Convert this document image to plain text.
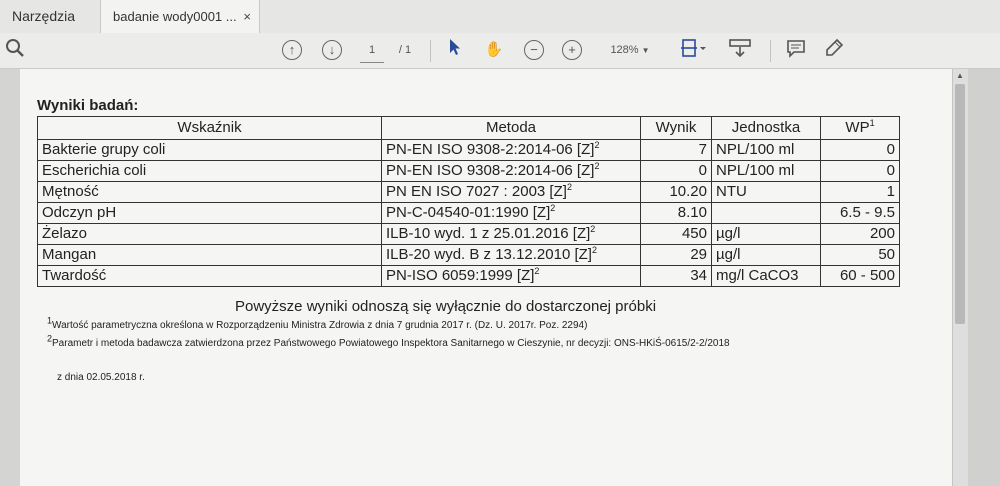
Narzędzia	badanie wody0001 ... ×
↑	↓	1	/ 1	✋	−	+	128% ▼
Wyniki badań:
Wskaźnik	Metoda	Wynik	Jednostka	$WP^1$
Bakterie grupy coli	PN-EN ISO 9308-2:2014-06 $[Z]^2$	7	NPL/100 ml	0
Escherichia coli	PN-EN ISO 9308-2:2014-06 $[Z]^2$	0	NPL/100 ml	0
Mętność	PN EN ISO 7027 : 2003 $[Z]^2$	10.20	NTU	1
Odczyn pH	PN-C-04540-01:1990 $[Z]^2$	8.10		6.5 - 9.5
Żelazo	ILB-10 wyd. 1 z 25.01.2016 $[Z]^2$	450	µg/l	200
Mangan	ILB-20 wyd. B z 13.12.2010 $[Z]^2$	29	µg/l	50
Twardość	PN-ISO 6059:1999 $[Z]^2$	34	mg/l CaCO3	60 - 500
Powyższe wyniki odnoszą się wyłącznie do dostarczonej próbki
$^1$Wartość parametryczna określona w Rozporządzeniu Ministra Zdrowia z dnia 7 grudnia 2017 r. (Dz. U. 2017r. Poz. 2294)
$^2$Parametr i metoda badawcza zatwierdzona przez Państwowego Powiatowego Inspektora Sanitarnego w Cieszynie, nr decyzji: ONS-HKiŚ-0615/2-2/2018
z dnia 02.05.2018 r.
▲
